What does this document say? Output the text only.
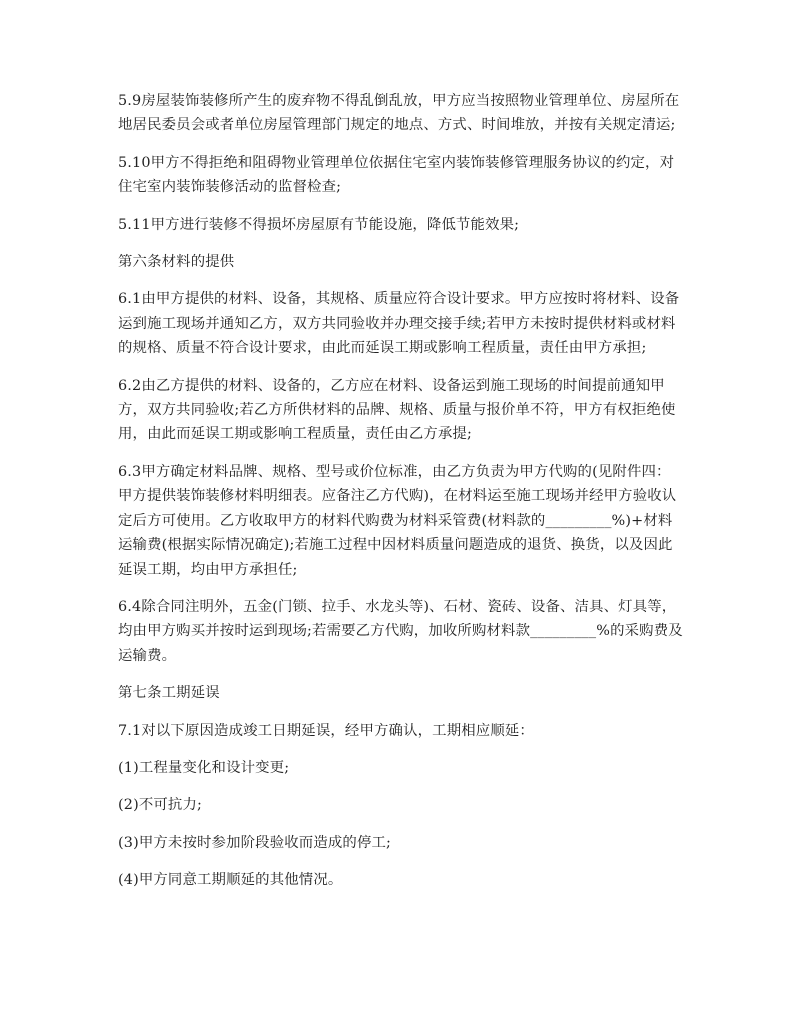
5.9房屋装饰装修所产生的废弃物不得乱倒乱放，甲方应当按照物业管理单位、房屋所在地居民委员会或者单位房屋管理部门规定的地点、方式、时间堆放，并按有关规定清运;

5.10甲方不得拒绝和阻碍物业管理单位依据住宅室内装饰装修管理服务协议的约定，对住宅室内装饰装修活动的监督检查;

5.11甲方进行装修不得损坏房屋原有节能设施，降低节能效果;

第六条材料的提供

6.1由甲方提供的材料、设备，其规格、质量应符合设计要求。甲方应按时将材料、设备运到施工现场并通知乙方，双方共同验收并办理交接手续;若甲方未按时提供材料或材料的规格、质量不符合设计要求，由此而延误工期或影响工程质量，责任由甲方承担;

6.2由乙方提供的材料、设备的，乙方应在材料、设备运到施工现场的时间提前通知甲方，双方共同验收;若乙方所供材料的品牌、规格、质量与报价单不符，甲方有权拒绝使用，由此而延误工期或影响工程质量，责任由乙方承提;

6.3甲方确定材料品牌、规格、型号或价位标准，由乙方负责为甲方代购的(见附件四：甲方提供装饰装修材料明细表。应备注乙方代购)，在材料运至施工现场并经甲方验收认定后方可使用。乙方收取甲方的材料代购费为材料采管费(材料款的_________%)+材料运输费(根据实际情况确定);若施工过程中因材料质量问题造成的退货、换货，以及因此延误工期，均由甲方承担任;

6.4除合同注明外，五金(门锁、拉手、水龙头等)、石材、瓷砖、设备、洁具、灯具等，均由甲方购买并按时运到现场;若需要乙方代购，加收所购材料款_________%的采购费及运输费。

第七条工期延误

7.1对以下原因造成竣工日期延误，经甲方确认，工期相应顺延：

(1)工程量变化和设计变更;

(2)不可抗力;

(3)甲方未按时参加阶段验收而造成的停工;

(4)甲方同意工期顺延的其他情况。
